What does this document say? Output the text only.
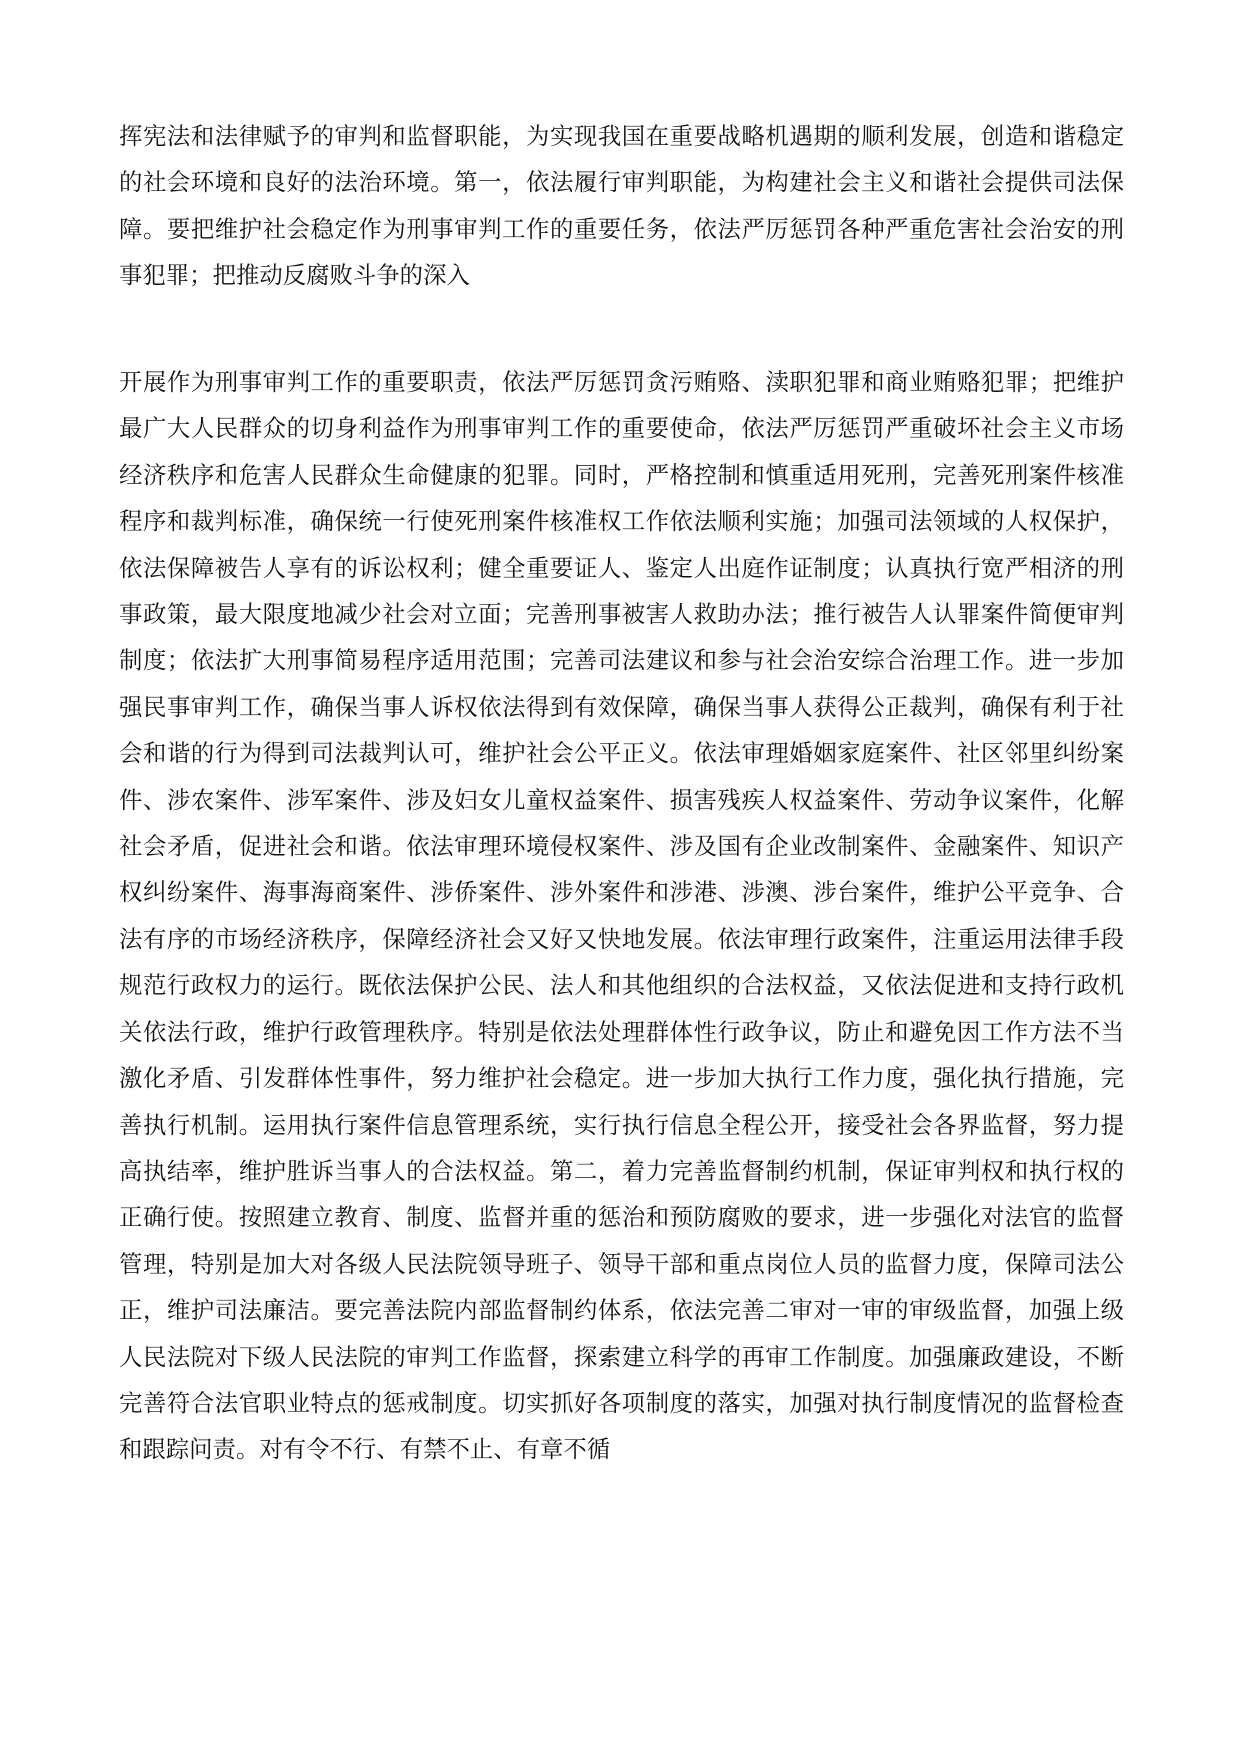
挥宪法和法律赋予的审判和监督职能，为实现我国在重要战略机遇期的顺利发展，创造和谐稳定的社会环境和良好的法治环境。第一，依法履行审判职能，为构建社会主义和谐社会提供司法保障。要把维护社会稳定作为刑事审判工作的重要任务，依法严厉惩罚各种严重危害社会治安的刑事犯罪；把推动反腐败斗争的深入

开展作为刑事审判工作的重要职责，依法严厉惩罚贪污贿赂、渎职犯罪和商业贿赂犯罪；把维护最广大人民群众的切身利益作为刑事审判工作的重要使命，依法严厉惩罚严重破坏社会主义市场经济秩序和危害人民群众生命健康的犯罪。同时，严格控制和慎重适用死刑，完善死刑案件核准程序和裁判标准，确保统一行使死刑案件核准权工作依法顺利实施；加强司法领域的人权保护，依法保障被告人享有的诉讼权利；健全重要证人、鉴定人出庭作证制度；认真执行宽严相济的刑事政策，最大限度地减少社会对立面；完善刑事被害人救助办法；推行被告人认罪案件简便审判制度；依法扩大刑事简易程序适用范围；完善司法建议和参与社会治安综合治理工作。进一步加强民事审判工作，确保当事人诉权依法得到有效保障，确保当事人获得公正裁判，确保有利于社会和谐的行为得到司法裁判认可，维护社会公平正义。依法审理婚姻家庭案件、社区邻里纠纷案件、涉农案件、涉军案件、涉及妇女儿童权益案件、损害残疾人权益案件、劳动争议案件，化解社会矛盾，促进社会和谐。依法审理环境侵权案件、涉及国有企业改制案件、金融案件、知识产权纠纷案件、海事海商案件、涉侨案件、涉外案件和涉港、涉澳、涉台案件，维护公平竞争、合法有序的市场经济秩序，保障经济社会又好又快地发展。依法审理行政案件，注重运用法律手段规范行政权力的运行。既依法保护公民、法人和其他组织的合法权益，又依法促进和支持行政机关依法行政，维护行政管理秩序。特别是依法处理群体性行政争议，防止和避免因工作方法不当激化矛盾、引发群体性事件，努力维护社会稳定。进一步加大执行工作力度，强化执行措施，完善执行机制。运用执行案件信息管理系统，实行执行信息全程公开，接受社会各界监督，努力提高执结率，维护胜诉当事人的合法权益。第二，着力完善监督制约机制，保证审判权和执行权的正确行使。按照建立教育、制度、监督并重的惩治和预防腐败的要求，进一步强化对法官的监督管理，特别是加大对各级人民法院领导班子、领导干部和重点岗位人员的监督力度，保障司法公正，维护司法廉洁。要完善法院内部监督制约体系，依法完善二审对一审的审级监督，加强上级人民法院对下级人民法院的审判工作监督，探索建立科学的再审工作制度。加强廉政建设，不断完善符合法官职业特点的惩戒制度。切实抓好各项制度的落实，加强对执行制度情况的监督检查和跟踪问责。对有令不行、有禁不止、有章不循
